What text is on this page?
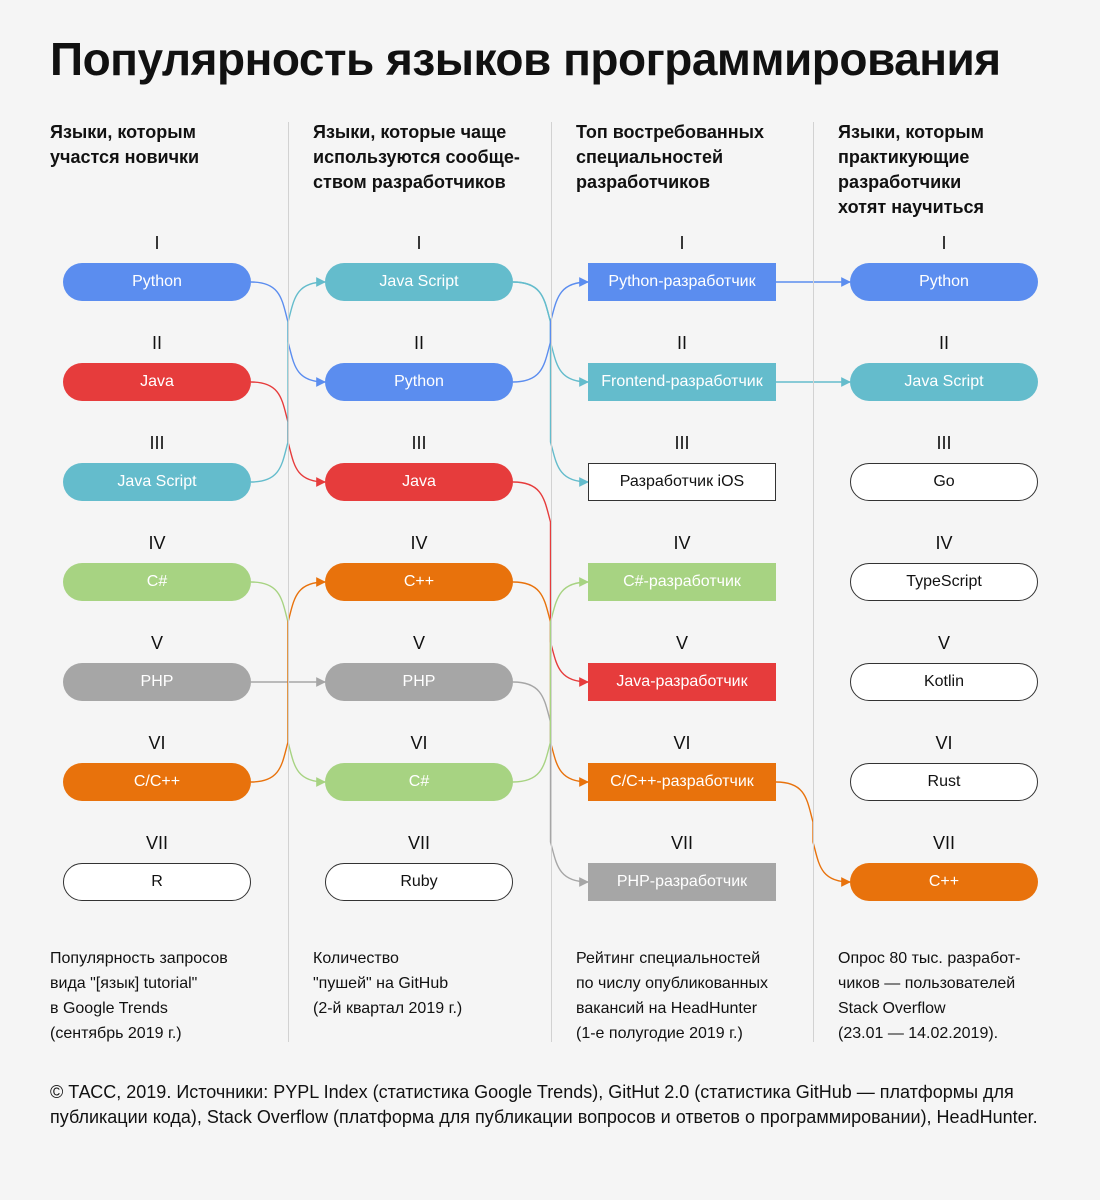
Популярность языков программирования
Языки, которым
участся новички
Популярность запросов
вида "[язык] tutorial"
в Google Trends
(сентябрь 2019 г.)
I
Python
II
Java
III
Java Script
IV
C#
V
PHP
VI
C/C++
VII
R
Языки, которые чаще
используются сообще-
ством разработчиков
Количество
"пушей" на GitHub
(2-й квартал 2019 г.)
I
Java Script
II
Python
III
Java
IV
C++
V
PHP
VI
C#
VII
Ruby
Топ востребованных
специальностей
разработчиков
Рейтинг специальностей
по числу опубликованных
вакансий на HeadHunter
(1-е полугодие 2019 г.)
I
Python-разработчик
II
Frontend-разработчик
III
Разработчик iOS
IV
C#-разработчик
V
Java-разработчик
VI
C/C++-разработчик
VII
PHP-разработчик
Языки, которым
практикующие
разработчики
хотят научиться
Опрос 80 тыс. разработ-
чиков — пользователей
Stack Overflow
(23.01 — 14.02.2019).
I
Python
II
Java Script
III
Go
IV
TypeScript
V
Kotlin
VI
Rust
VII
C++
© ТАСС, 2019. Источники: PYPL Index (статистика Google Trends), GitHut 2.0 (статистика GitHub — платформы для публикации кода), Stack Overflow (платформа для публикации вопросов и ответов о программировании), HeadHunter.
